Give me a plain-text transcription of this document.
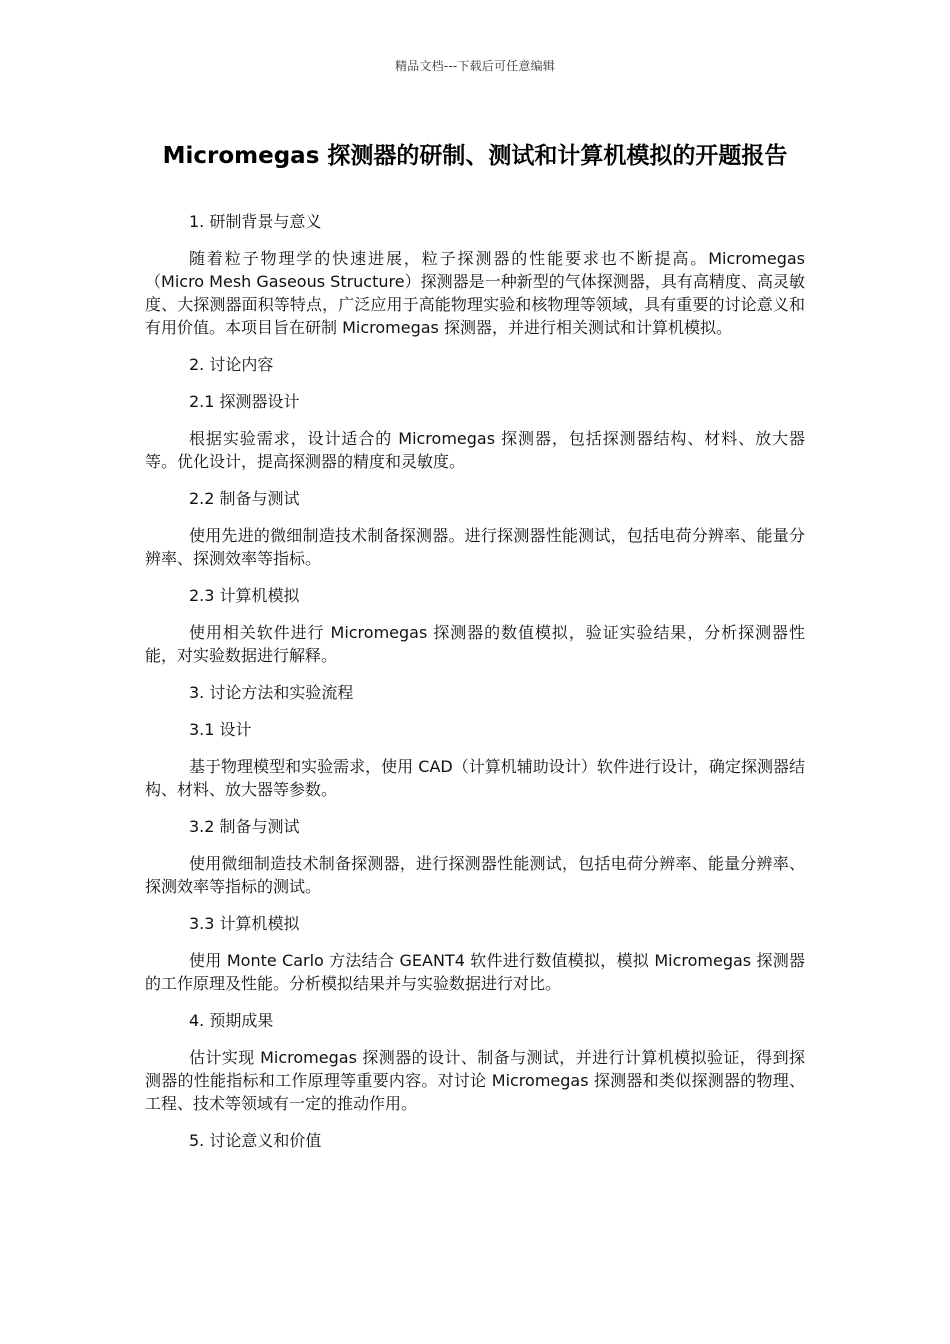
精品文档---下载后可任意编辑
Micromegas 探测器的研制、测试和计算机模拟的开题报告

1. 研制背景与意义

随着粒子物理学的快速进展，粒子探测器的性能要求也不断提高。Micromegas（Micro Mesh Gaseous Structure）探测器是一种新型的气体探测器，具有高精度、高灵敏度、大探测器面积等特点，广泛应用于高能物理实验和核物理等领域，具有重要的讨论意义和有用价值。本项目旨在研制 Micromegas 探测器，并进行相关测试和计算机模拟。

2. 讨论内容

2.1 探测器设计

根据实验需求，设计适合的 Micromegas 探测器，包括探测器结构、材料、放大器等。优化设计，提高探测器的精度和灵敏度。

2.2 制备与测试

使用先进的微细制造技术制备探测器。进行探测器性能测试，包括电荷分辨率、能量分辨率、探测效率等指标。

2.3 计算机模拟

使用相关软件进行 Micromegas 探测器的数值模拟，验证实验结果，分析探测器性能，对实验数据进行解释。

3. 讨论方法和实验流程

3.1 设计

基于物理模型和实验需求，使用 CAD（计算机辅助设计）软件进行设计，确定探测器结构、材料、放大器等参数。

3.2 制备与测试

使用微细制造技术制备探测器，进行探测器性能测试，包括电荷分辨率、能量分辨率、探测效率等指标的测试。

3.3 计算机模拟

使用 Monte Carlo 方法结合 GEANT4 软件进行数值模拟，模拟 Micromegas 探测器的工作原理及性能。分析模拟结果并与实验数据进行对比。

4. 预期成果

估计实现 Micromegas 探测器的设计、制备与测试，并进行计算机模拟验证，得到探测器的性能指标和工作原理等重要内容。对讨论 Micromegas 探测器和类似探测器的物理、工程、技术等领域有一定的推动作用。

5. 讨论意义和价值
